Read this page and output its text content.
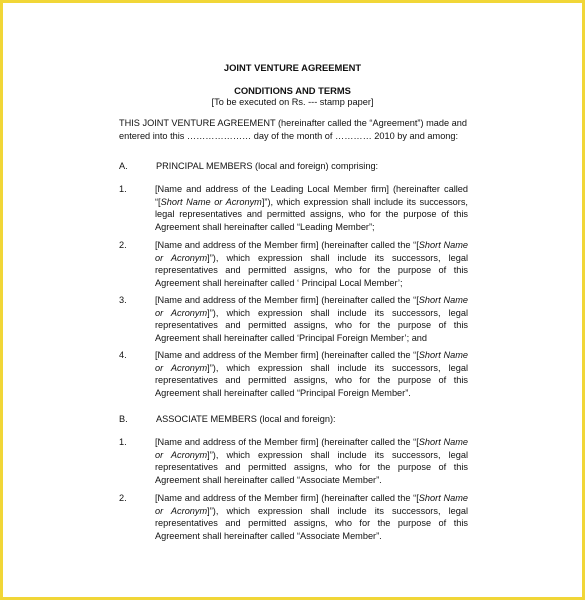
JOINT VENTURE AGREEMENT
CONDITIONS AND TERMS
[To be executed on Rs. --- stamp paper]
THIS JOINT VENTURE AGREEMENT (hereinafter called the “Agreement”) made and entered into this ………………… day of the month of ………… 2010 by and among:
A.	PRINCIPAL MEMBERS (local and foreign) comprising:
1.	[Name and address of the Leading Local Member firm] (hereinafter called “[Short Name or Acronym]”), which expression shall include its successors, legal representatives and permitted assigns, who for the purpose of this Agreement shall hereinafter called “Leading Member”;
2.	[Name and address of the Member firm] (hereinafter called the “[Short Name or Acronym]”), which expression shall include its successors, legal representatives and permitted assigns, who for the purpose of this Agreement shall hereinafter called ‘ Principal Local Member’;
3.	[Name and address of the Member firm] (hereinafter called the “[Short Name or Acronym]”), which expression shall include its successors, legal representatives and permitted assigns, who for the purpose of this Agreement shall hereinafter called ‘Principal Foreign Member’; and
4.	[Name and address of the Member firm] (hereinafter called the “[Short Name or Acronym]”), which expression shall include its successors, legal representatives and permitted assigns, who for the purpose of this Agreement shall hereinafter called “Principal Foreign Member”.
B.	ASSOCIATE MEMBERS (local and foreign):
1.	[Name and address of the Member firm] (hereinafter called the “[Short Name or Acronym]”), which expression shall include its successors, legal representatives and permitted assigns, who for the purpose of this Agreement shall hereinafter called “Associate Member”.
2.	[Name and address of the Member firm] (hereinafter called the “[Short Name or Acronym]”), which expression shall include its successors, legal representatives and permitted assigns, who for the purpose of this Agreement shall hereinafter called “Associate Member”.
